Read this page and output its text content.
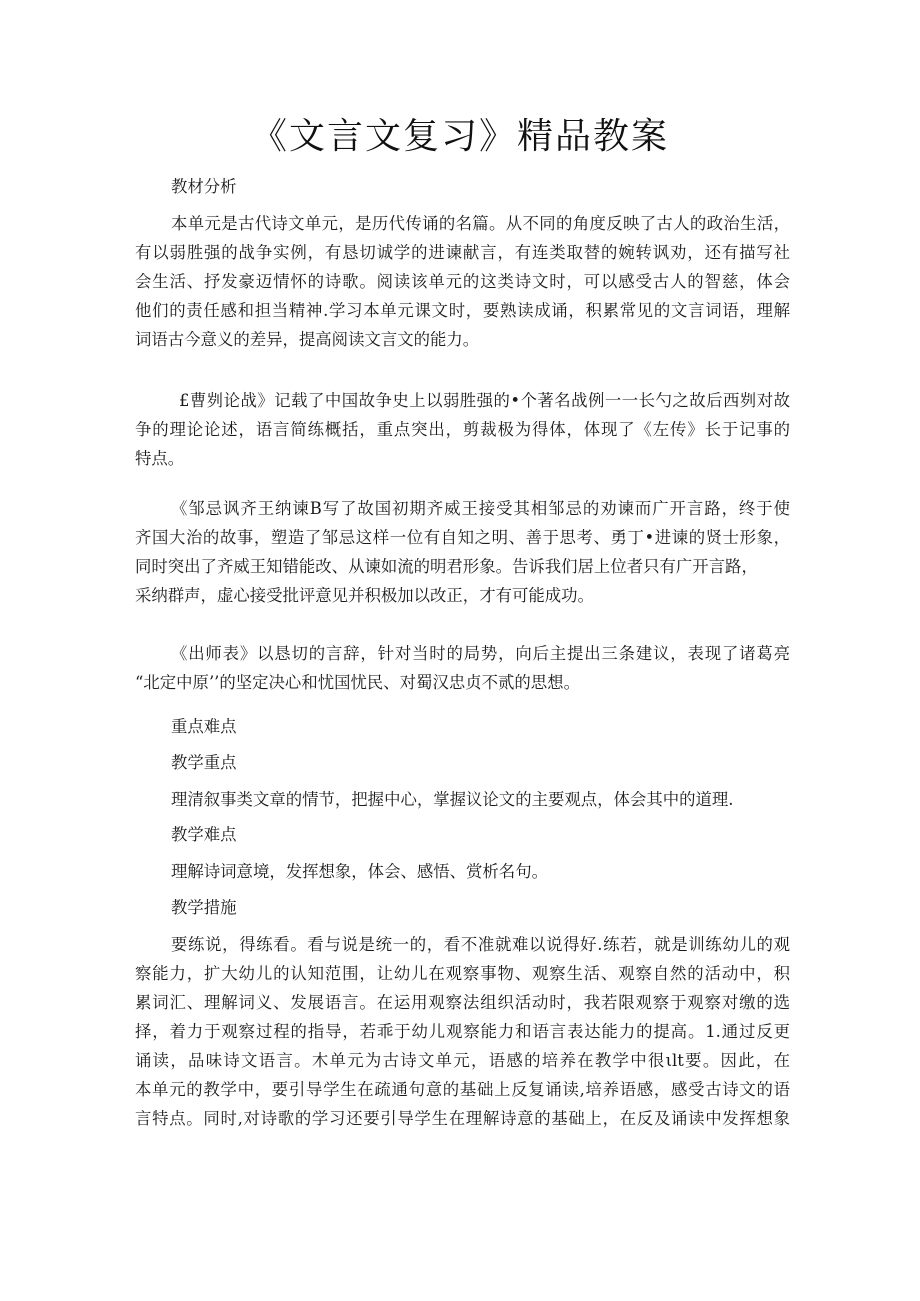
《文言文复习》精品教案
教材分析
本单元是古代诗文单元，是历代传诵的名篇。从不同的角度反映了古人的政治生活，
有以弱胜强的战争实例，有恳切诚学的进谏献言，有连类取替的婉转讽劝，还有描写社
会生活、抒发豪迈情怀的诗歌。阅读该单元的这类诗文时，可以感受古人的智慈，体会
他们的责任感和担当精神.学习本单元课文时，要熟读成诵，积累常见的文言词语，理解
词语古今意义的差异，提高阅读文言文的能力。
£曹刿论战》记载了中国故争史上以弱胜强的•个著名战例一一长勺之故后西刿对故
争的理论论述，语言简练概括，重点突出，剪裁极为得体，体现了《左传》长于记事的
特点。
《邹忌讽齐王纳谏B写了故国初期齐威王接受其相邹忌的劝谏而广开言路，终于使
齐国大治的故事，塑造了邹忌这样一位有自知之明、善于思考、勇丁•进谏的贤士形象，
同时突出了齐威王知错能改、从谏如流的明君形象。告诉我们居上位者只有广开言路，
采纳群声，虚心接受批评意见并积极加以改正，才有可能成功。
《出师表》以恳切的言辞，针对当时的局势，向后主提出三条建议，表现了诸葛亮
“北定中原’’的坚定决心和忧国忧民、对蜀汉忠贞不贰的思想。
重点难点
教学重点
理清叙事类文章的情节，把握中心，掌握议论文的主要观点，体会其中的道理.
教学难点
理解诗词意境，发挥想象，体会、感悟、赏析名句。
教学措施
要练说，得练看。看与说是统一的，看不准就难以说得好.练若，就是训练幼儿的观
察能力，扩大幼儿的认知范围，让幼儿在观察事物、观察生活、观察自然的活动中，积
累词汇、理解词义、发展语言。在运用观察法组织活动时，我若限观察于观察对缴的选
择，着力于观察过程的指导，若乖于幼儿观察能力和语言表达能力的提高。1.通过反更
诵读，品味诗文语言。木单元为古诗文单元，语感的培养在教学中很ιlt要。因此，在
本单元的教学中，要引导学生在疏通句意的基础上反复诵读,培养语感，感受古诗文的语
言特点。同时,对诗歌的学习还要引导学生在理解诗意的基础上，在反及诵读中发挥想象
